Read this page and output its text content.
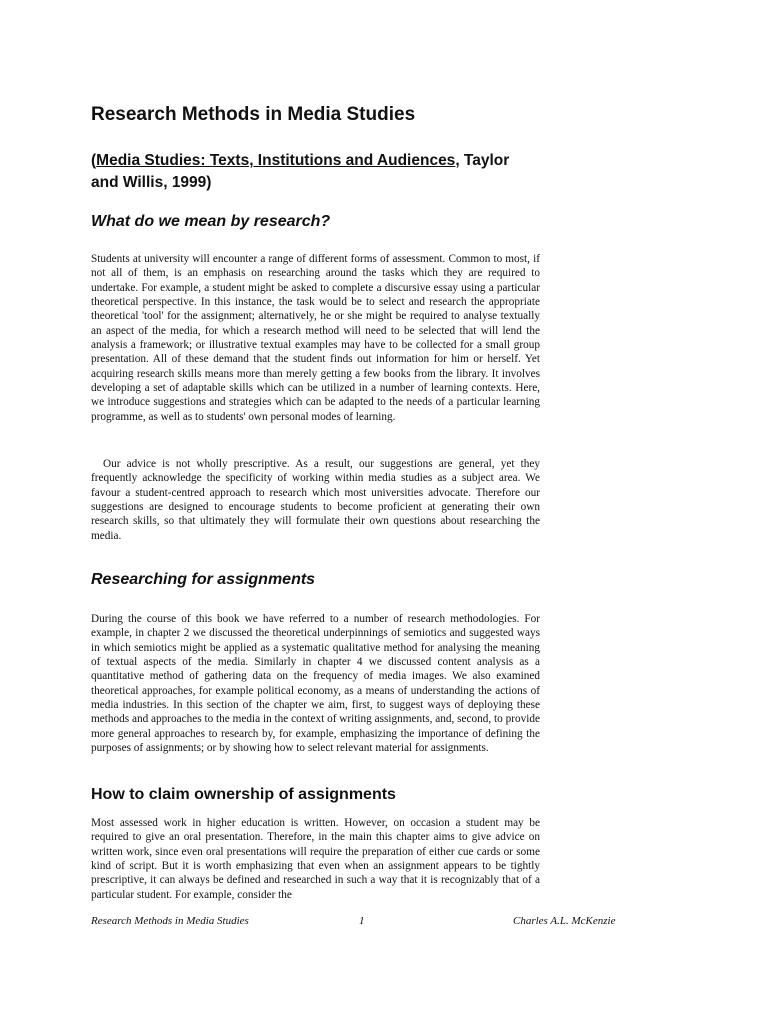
Research Methods in Media Studies

(Media Studies: Texts, Institutions and Audiences, Taylor and Willis, 1999)

What do we mean by research?

Students at university will encounter a range of different forms of assessment. Common to most, if not all of them, is an emphasis on researching around the tasks which they are required to undertake. For example, a student might be asked to complete a discursive essay using a particular theoretical perspective. In this instance, the task would be to select and research the appropriate theoretical 'tool' for the assignment; alternatively, he or she might be required to analyse textually an aspect of the media, for which a research method will need to be selected that will lend the analysis a framework; or illustrative textual examples may have to be collected for a small group presentation. All of these demand that the student finds out information for him or herself. Yet acquiring research skills means more than merely getting a few books from the library. It involves developing a set of adaptable skills which can be utilized in a number of learning contexts. Here, we introduce suggestions and strategies which can be adapted to the needs of a particular learning programme, as well as to students' own personal modes of learning.

Our advice is not wholly prescriptive. As a result, our suggestions are general, yet they frequently acknowledge the specificity of working within media studies as a subject area. We favour a student-centred approach to research which most universities advocate. Therefore our suggestions are designed to encourage students to become proficient at generating their own research skills, so that ultimately they will formulate their own questions about researching the media.

Researching for assignments

During the course of this book we have referred to a number of research methodologies. For example, in chapter 2 we discussed the theoretical underpinnings of semiotics and suggested ways in which semiotics might be applied as a systematic qualitative method for analysing the meaning of textual aspects of the media. Similarly in chapter 4 we discussed content analysis as a quantitative method of gathering data on the frequency of media images. We also examined theoretical approaches, for example political economy, as a means of understanding the actions of media industries. In this section of the chapter we aim, first, to suggest ways of deploying these methods and approaches to the media in the context of writing assignments, and, second, to provide more general approaches to research by, for example, emphasizing the importance of defining the purposes of assignments; or by showing how to select relevant material for assignments.

How to claim ownership of assignments

Most assessed work in higher education is written. However, on occasion a student may be required to give an oral presentation. Therefore, in the main this chapter aims to give advice on written work, since even oral presentations will require the preparation of either cue cards or some kind of script. But it is worth emphasizing that even when an assignment appears to be tightly prescriptive, it can always be defined and researched in such a way that it is recognizably that of a particular student. For example, consider the

Research Methods in Media Studies	1	Charles A.L. McKenzie
